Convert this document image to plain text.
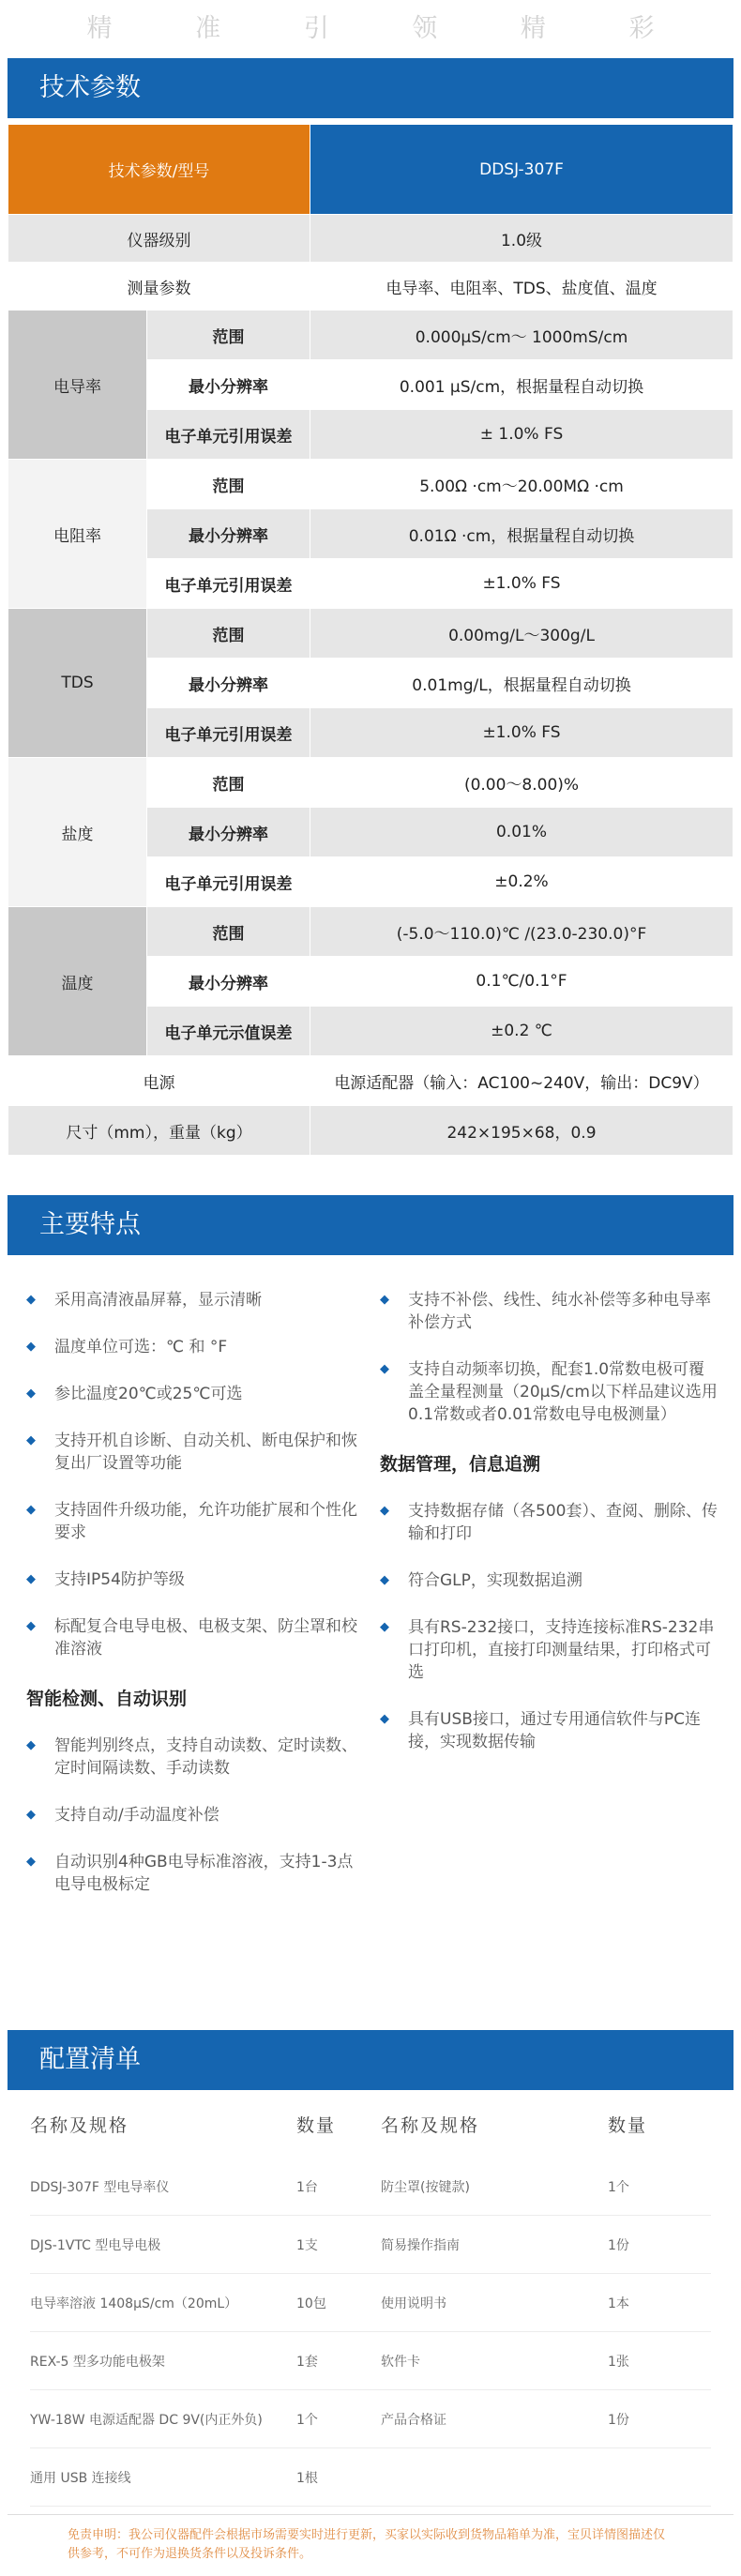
精 准 引 领 精 彩
技术参数
技术参数/型号		DDSJ-307F
仪器级别		1.0级
测量参数		电导率、电阻率、TDS、盐度值、温度
电导率	范围	0.000μS/cm～ 1000mS/cm
	最小分辨率	0.001 μS/cm，根据量程自动切换
	电子单元引用误差	± 1.0% FS
电阻率	范围	5.00Ω ·cm～20.00MΩ ·cm
	最小分辨率	0.01Ω ·cm，根据量程自动切换
	电子单元引用误差	±1.0% FS
TDS	范围	0.00mg/L～300g/L
	最小分辨率	0.01mg/L，根据量程自动切换
	电子单元引用误差	±1.0% FS
盐度	范围	(0.00～8.00)%
	最小分辨率	0.01%
	电子单元引用误差	±0.2%
温度	范围	(-5.0～110.0)℃ /(23.0-230.0)°F
	最小分辨率	0.1℃/0.1°F
	电子单元示值误差	±0.2 ℃
电源		电源适配器（输入：AC100~240V，输出：DC9V）
尺寸（mm），重量（kg）		242×195×68，0.9
主要特点
◆	采用高清液晶屏幕，显示清晰
◆	温度单位可选：℃ 和 °F
◆	参比温度20℃或25℃可选
◆	支持开机自诊断、自动关机、断电保护和恢复出厂设置等功能
◆	支持固件升级功能，允许功能扩展和个性化要求
◆	支持IP54防护等级
◆	标配复合电导电极、电极支架、防尘罩和校准溶液
智能检测、自动识别
◆	智能判别终点，支持自动读数、定时读数、定时间隔读数、手动读数
◆	支持自动/手动温度补偿
◆	自动识别4种GB电导标准溶液，支持1-3点电导电极标定
◆	支持不补偿、线性、纯水补偿等多种电导率补偿方式
◆	支持自动频率切换，配套1.0常数电极可覆盖全量程测量（20μS/cm以下样品建议选用0.1常数或者0.01常数电导电极测量）
数据管理，信息追溯
◆	支持数据存储（各500套）、查阅、删除、传输和打印
◆	符合GLP，实现数据追溯
◆	具有RS-232接口，支持连接标准RS-232串口打印机，直接打印测量结果，打印格式可选
◆	具有USB接口，通过专用通信软件与PC连接，实现数据传输
配置清单
名称及规格	数量	名称及规格	数量
DDSJ-307F 型电导率仪	1台	防尘罩(按键款)	1个
DJS-1VTC 型电导电极	1支	简易操作指南	1份
电导率溶液 1408μS/cm（20mL）	10包	使用说明书	1本
REX-5 型多功能电极架	1套	软件卡	1张
YW-18W 电源适配器 DC 9V(内正外负)	1个	产品合格证	1份
通用 USB 连接线	1根
免责申明：我公司仪器配件会根据市场需要实时进行更新，买家以实际收到货物品箱单为准，宝贝详情图描述仅供参考，不可作为退换货条件以及投诉条件。
